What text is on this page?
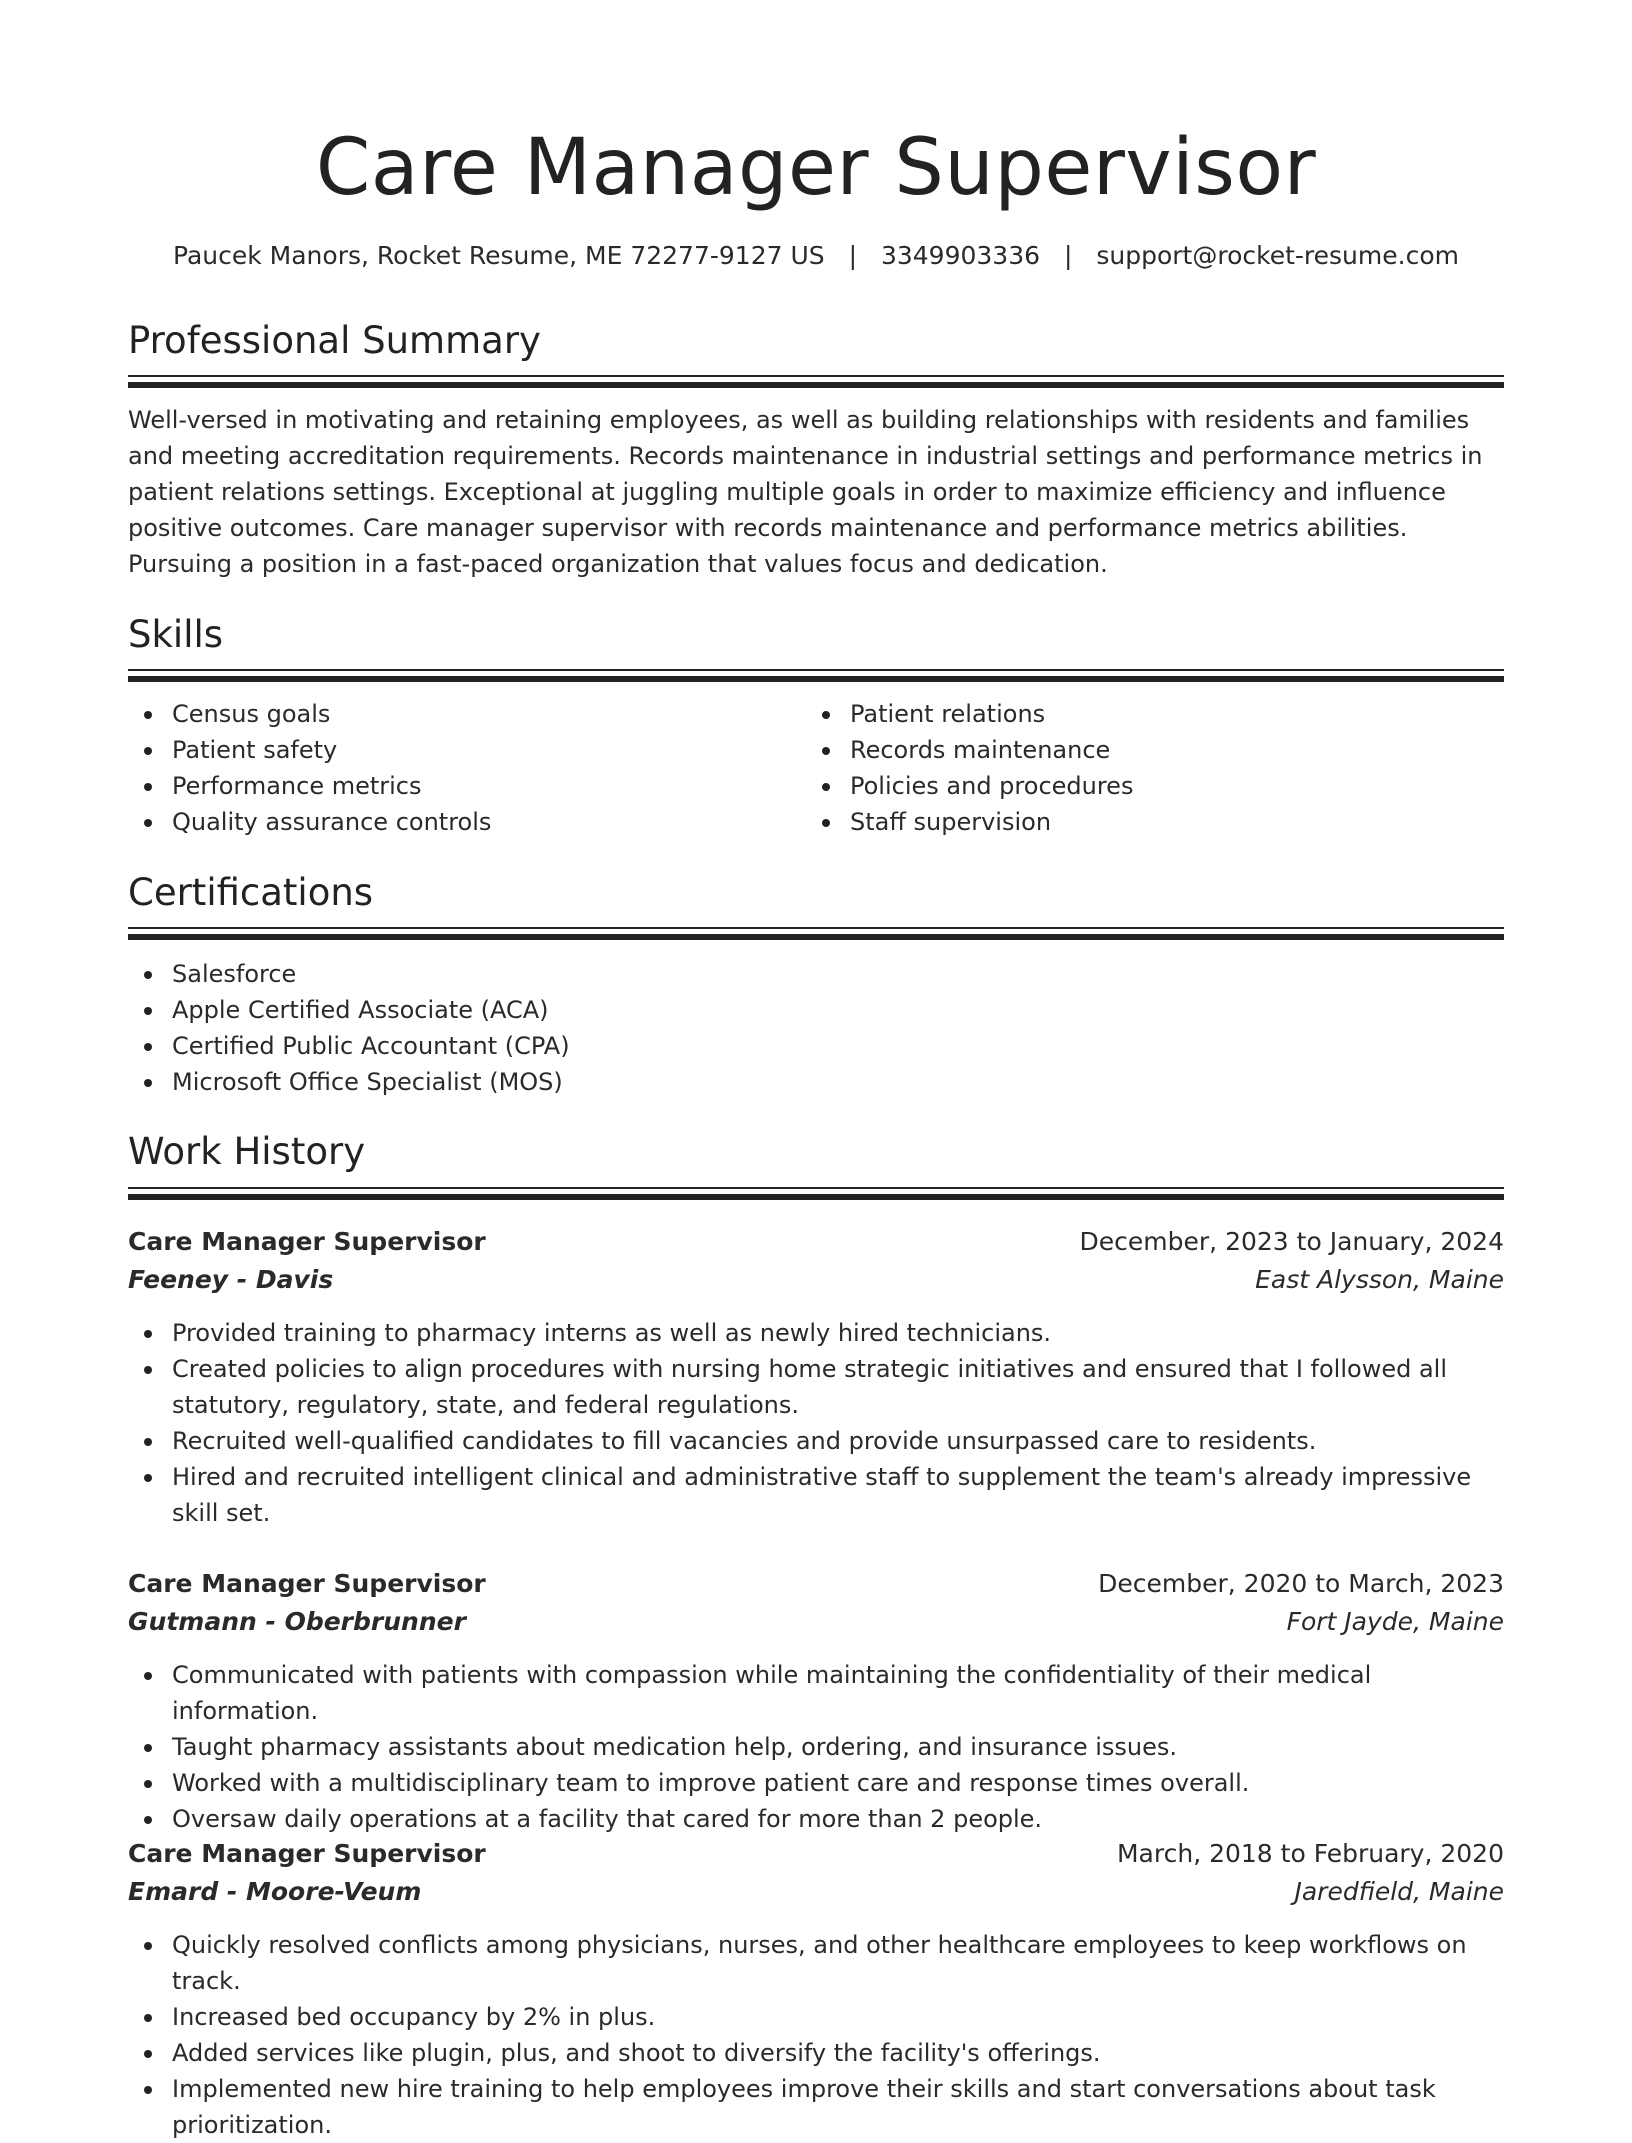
Care Manager Supervisor
Paucek Manors, Rocket Resume, ME 72277-9127 US | 3349903336 | support@rocket-resume.com
Professional Summary

Well-versed in motivating and retaining employees, as well as building relationships with residents and families and meeting accreditation requirements. Records maintenance in industrial settings and performance metrics in patient relations settings. Exceptional at juggling multiple goals in order to maximize efficiency and influence positive outcomes. Care manager supervisor with records maintenance and performance metrics abilities. Pursuing a position in a fast-paced organization that values focus and dedication.

Skills
Census goals
Patient safety
Performance metrics
Quality assurance controls
Patient relations
Records maintenance
Policies and procedures
Staff supervision
Certifications
Salesforce
Apple Certified Associate (ACA)
Certified Public Accountant (CPA)
Microsoft Office Specialist (MOS)
Work History
Care Manager Supervisor	December, 2023 to January, 2024
Feeney - Davis	East Alysson, Maine
Provided training to pharmacy interns as well as newly hired technicians.
Created policies to align procedures with nursing home strategic initiatives and ensured that I followed all statutory, regulatory, state, and federal regulations.
Recruited well-qualified candidates to fill vacancies and provide unsurpassed care to residents.
Hired and recruited intelligent clinical and administrative staff to supplement the team's already impressive skill set.
Care Manager Supervisor	December, 2020 to March, 2023
Gutmann - Oberbrunner	Fort Jayde, Maine
Communicated with patients with compassion while maintaining the confidentiality of their medical information.
Taught pharmacy assistants about medication help, ordering, and insurance issues.
Worked with a multidisciplinary team to improve patient care and response times overall.
Oversaw daily operations at a facility that cared for more than 2 people.
Care Manager Supervisor	March, 2018 to February, 2020
Emard - Moore-Veum	Jaredfield, Maine
Quickly resolved conflicts among physicians, nurses, and other healthcare employees to keep workflows on track.
Increased bed occupancy by 2% in plus.
Added services like plugin, plus, and shoot to diversify the facility's offerings.
Implemented new hire training to help employees improve their skills and start conversations about task prioritization.
